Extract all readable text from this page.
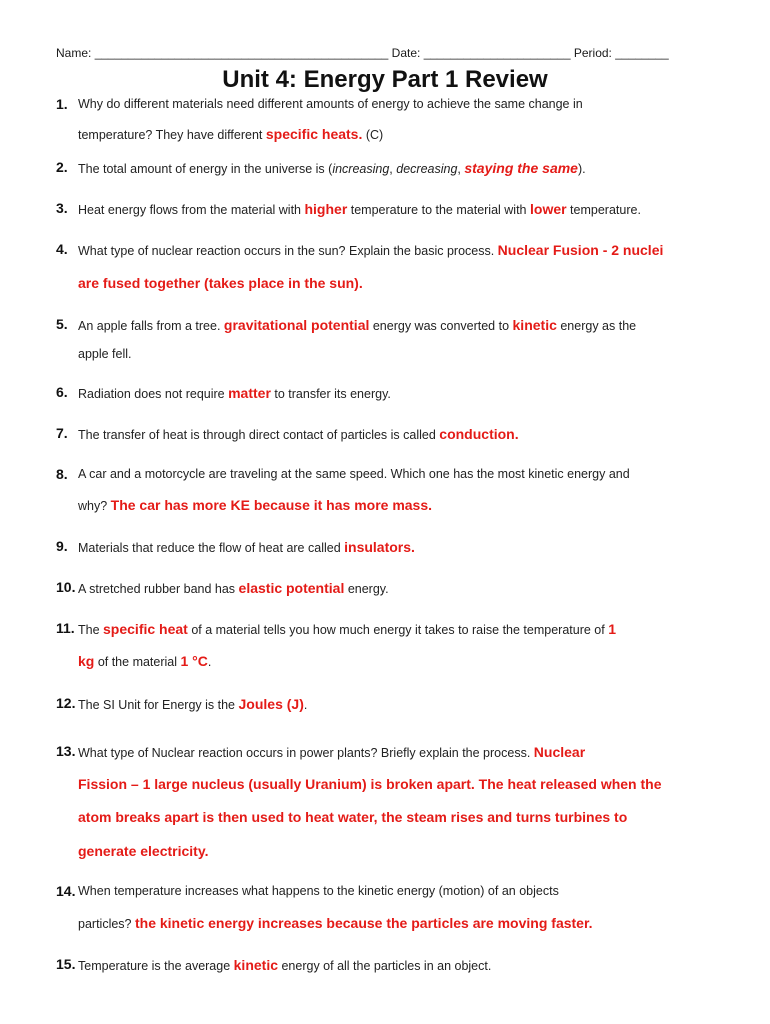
Name: ____________________________________________ Date: ______________________ Period: ________
Unit 4: Energy Part 1 Review
1. Why do different materials need different amounts of energy to achieve the same change in
temperature? They have different specific heats. (C)
2. The total amount of energy in the universe is (increasing, decreasing, staying the same).
3. Heat energy flows from the material with higher temperature to the material with lower temperature.
4. What type of nuclear reaction occurs in the sun? Explain the basic process. Nuclear Fusion - 2 nuclei
are fused together (takes place in the sun).
5. An apple falls from a tree. gravitational potential energy was converted to kinetic energy as the
apple fell.
6. Radiation does not require matter to transfer its energy.
7. The transfer of heat is through direct contact of particles is called conduction.
8. A car and a motorcycle are traveling at the same speed. Which one has the most kinetic energy and
why? The car has more KE because it has more mass.
9. Materials that reduce the flow of heat are called insulators.
10. A stretched rubber band has elastic potential energy.
11. The specific heat of a material tells you how much energy it takes to raise the temperature of 1
kg of the material 1 °C.
12. The SI Unit for Energy is the Joules (J).
13. What type of Nuclear reaction occurs in power plants? Briefly explain the process. Nuclear
Fission – 1 large nucleus (usually Uranium) is broken apart. The heat released when the
atom breaks apart is then used to heat water, the steam rises and turns turbines to
generate electricity.
14. When temperature increases what happens to the kinetic energy (motion) of an objects
particles? the kinetic energy increases because the particles are moving faster.
15. Temperature is the average kinetic energy of all the particles in an object.
